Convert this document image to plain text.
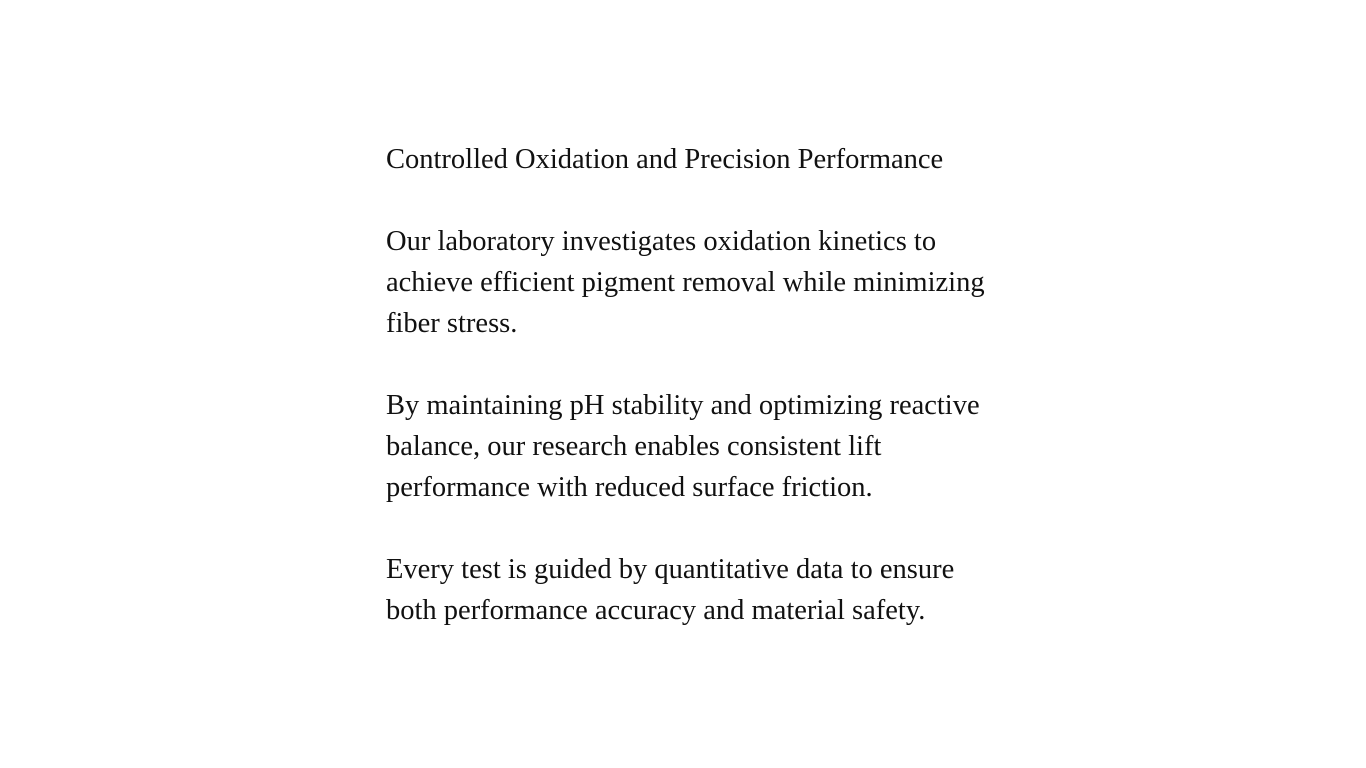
Controlled Oxidation and Precision Performance

Our laboratory investigates oxidation kinetics to achieve efficient pigment removal while minimizing fiber stress.

By maintaining pH stability and optimizing reactive balance, our research enables consistent lift performance with reduced surface friction.

Every test is guided by quantitative data to ensure both performance accuracy and material safety.
